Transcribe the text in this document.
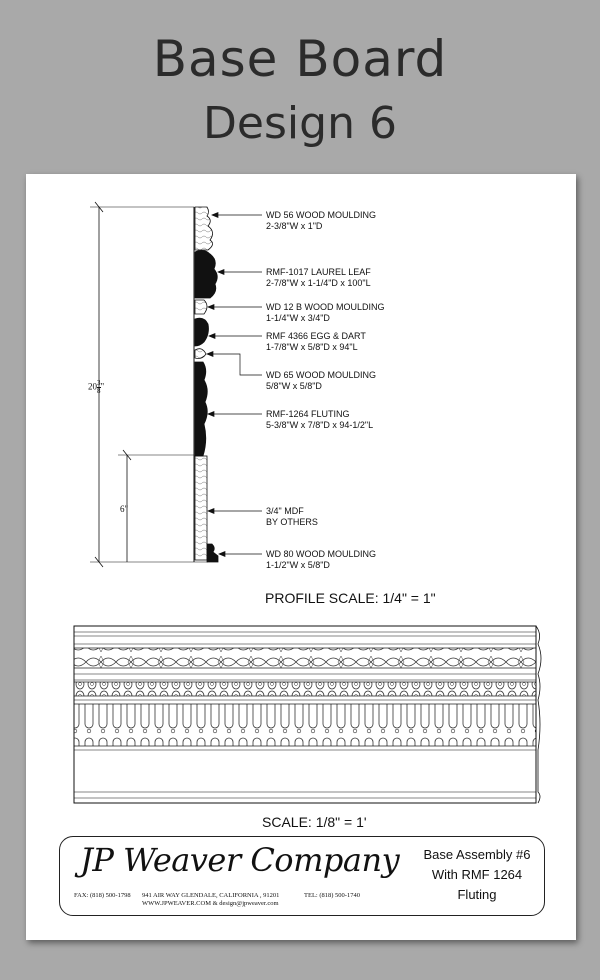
Base Board
Design 6
WD 56 WOOD MOULDING
2-3/8"W x 1"D
RMF-1017 LAUREL LEAF
2-7/8"W x 1-1/4"D x 100"L
WD 12 B WOOD MOULDING
1-1/4"W x 3/4"D
RMF 4366 EGG & DART
1-7/8"W x 5/8"D x 94"L
WD 65 WOOD MOULDING
5/8"W x 5/8"D
RMF-1264 FLUTING
5-3/8"W x 7/8"D x 94-1/2"L
3/4" MDF
BY OTHERS
WD 80 WOOD MOULDING
1-1/2"W x 5/8"D
$20 \frac{3}{8}$ "
6"
PROFILE SCALE: 1/4" = 1"
SCALE: 1/8" = 1'
JP Weaver Company
FAX: (818) 500-1798 941 AIR WAY GLENDALE, CALIFORNIA , 91201	TEL: (818) 500-1740
WWW.JPWEAVER.COM & design@jpweaver.com
Base Assembly #6
With RMF 1264
Fluting
